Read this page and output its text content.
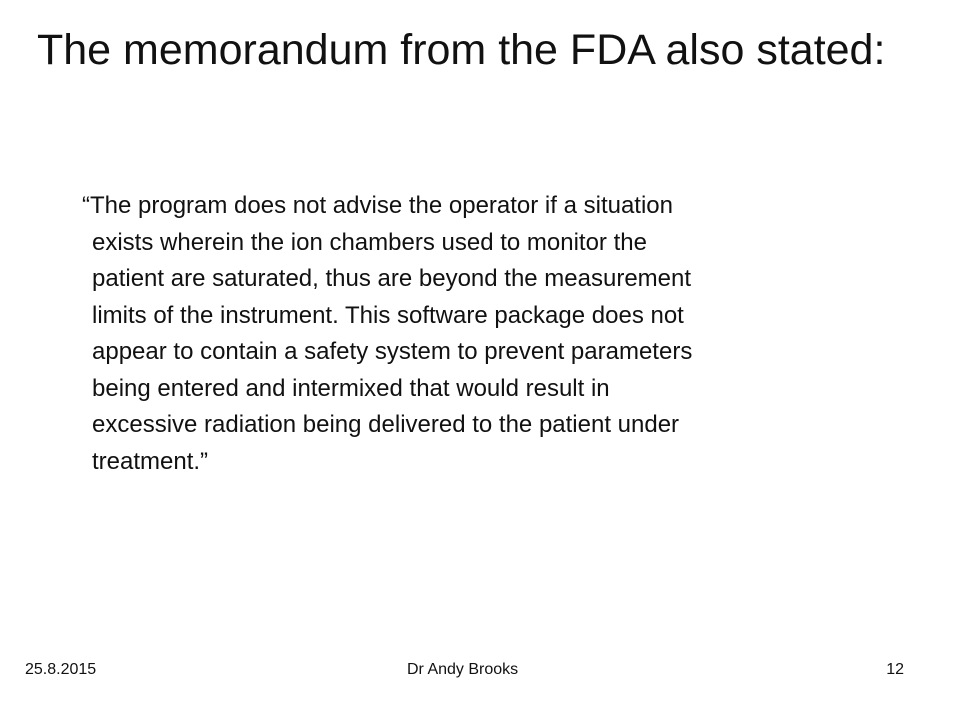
The memorandum from the FDA also stated:
“The program does not advise the operator if a situation
exists wherein the ion chambers used to monitor the
patient are saturated, thus are beyond the measurement
limits of the instrument. This software package does not
appear to contain a safety system to prevent parameters
being entered and intermixed that would result in
excessive radiation being delivered to the patient under
treatment.”
25.8.2015	Dr Andy Brooks	12
